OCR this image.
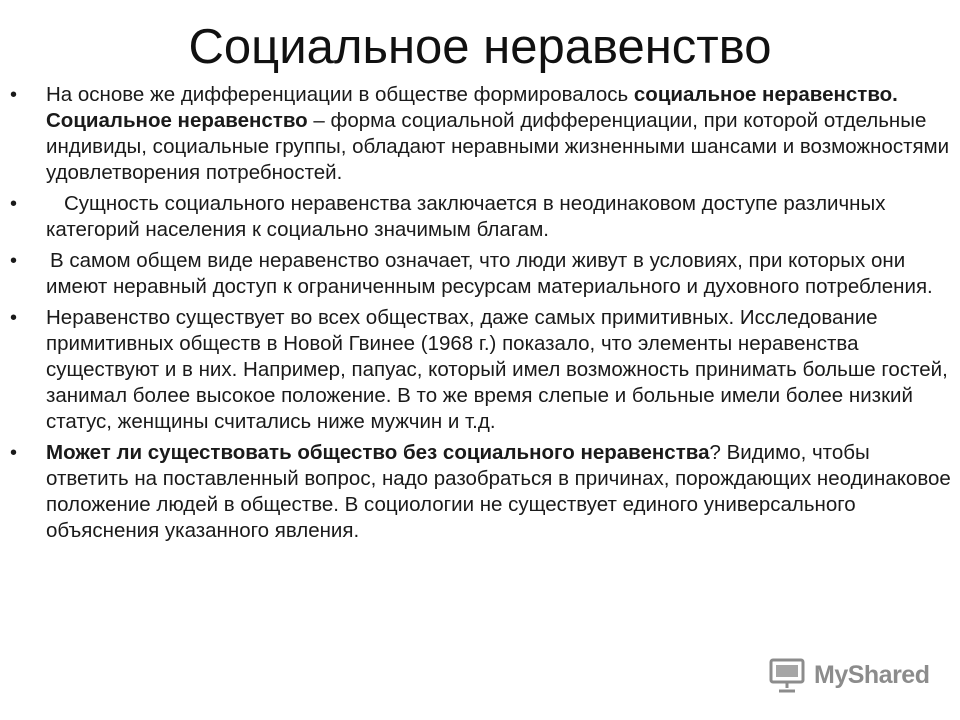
Социальное неравенство
•	На основе же дифференциации в обществе формировалось социальное неравенство. Социальное неравенство – форма социальной дифференциации, при которой отдельные индивиды, социальные группы, обладают неравными жизненными шансами и возможностями удовлетворения потребностей.
•	Сущность социального неравенства заключается в неодинаковом доступе различных категорий населения к социально значимым благам.
•	В самом общем виде неравенство означает, что люди живут в условиях, при которых они имеют неравный доступ к ограниченным ресурсам материального и духовного потребления.
•	Неравенство существует во всех обществах, даже самых примитивных. Исследование примитивных обществ в Новой Гвинее (1968 г.) показало, что элементы неравенства существуют и в них. Например, папуас, который имел возможность принимать больше гостей, занимал более высокое положение. В то же время слепые и больные имели более низкий статус, женщины считались ниже мужчин и т.д.
•	Может ли существовать общество без социального неравенства? Видимо, чтобы ответить на поставленный вопрос, надо разобраться в причинах, порождающих неодинаковое положение людей в обществе. В социологии не существует единого универсального объяснения указанного явления.
MyShared
